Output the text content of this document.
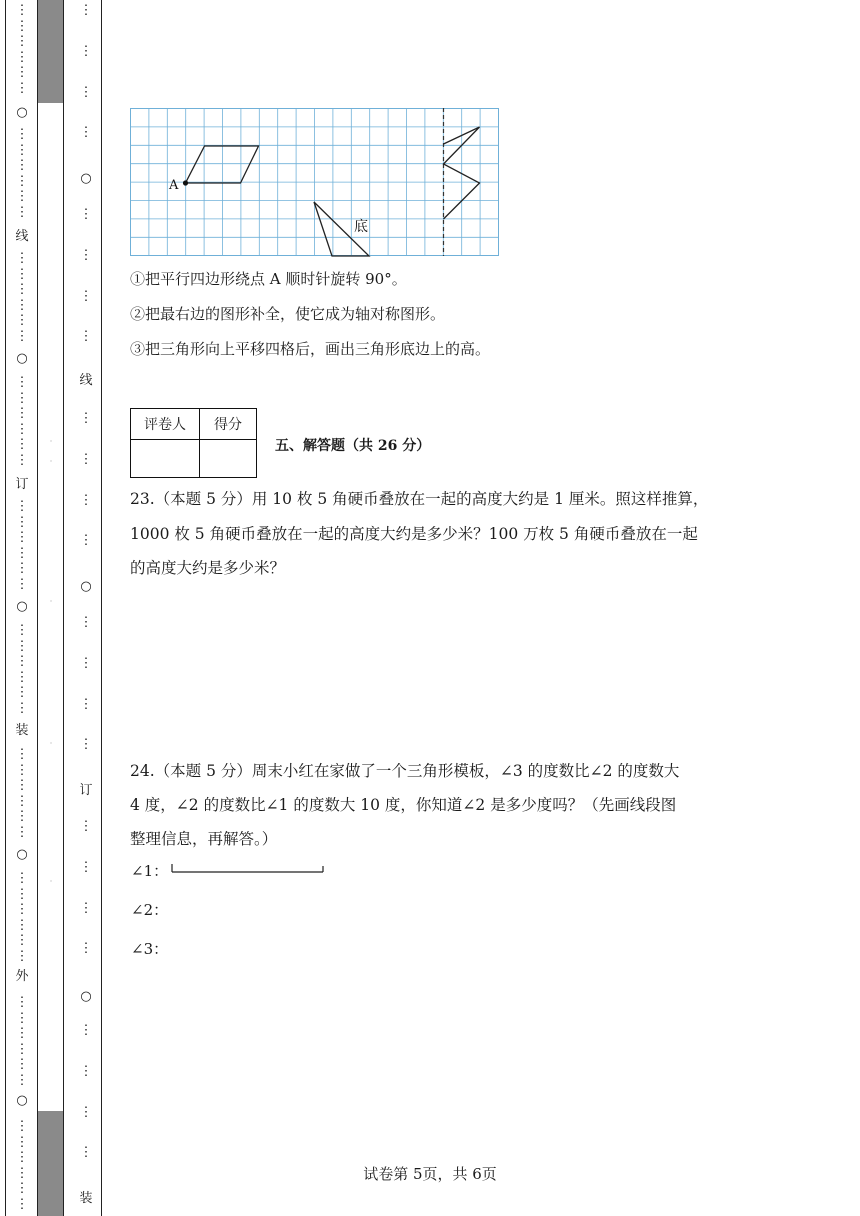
⋮
⋮
⋮
⋮
⋮
⋮
⋮
⋮
⋮
⋮
⋮
⋮
⋮
⋮
⋮
⋮
⋮
⋮
⋮
⋮
⋮
⋮
⋮
⋮
⋮
⋮
⋮
⋮
⋮
⋮
⋮
⋮
⋮
⋮
⋮
⋮
⋮
⋮
⋮
⋮
⋮
⋮
⋮
⋮
⋮
⋮
⋮
⋮
⋮
⋮
⋮
⋮
⋮
⋮
⋮
⋮
⋮
⋮
⋮
⋮
○
线
○
订
○
装
○
外
○
⋮
⋮
⋮
⋮
⋮
⋮
⋮
⋮
⋮
⋮
⋮
⋮
⋮
⋮
⋮
⋮
⋮
⋮
⋮
⋮
⋮
⋮
⋮
⋮
○
线
○
订
○
装
·
·
·
·
·
A
底
①把平行四边形绕点 A 顺时针旋转 90°。
②把最右边的图形补全，使它成为轴对称图形。
③把三角形向上平移四格后，画出三角形底边上的高。
评卷人	得分

五、解答题（共 26 分）
23.（本题 5 分）用 10 枚 5 角硬币叠放在一起的高度大约是 1 厘米。照这样推算，
1000 枚 5 角硬币叠放在一起的高度大约是多少米？100 万枚 5 角硬币叠放在一起
的高度大约是多少米？
24.（本题 5 分）周末小红在家做了一个三角形模板，∠3 的度数比∠2 的度数大
4 度，∠2 的度数比∠1 的度数大 10 度，你知道∠2 是多少度吗？（先画线段图
整理信息，再解答。）
∠1：
∠2：
∠3：
试卷第 5页，共 6页
